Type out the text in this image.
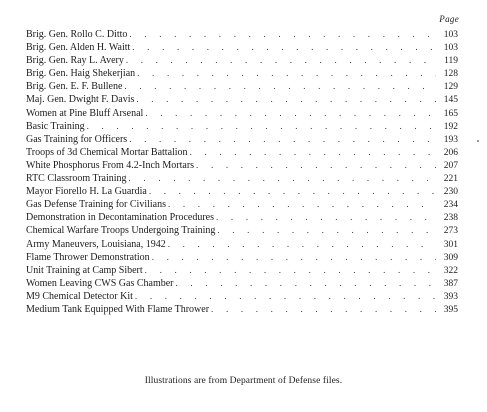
Page
Brig. Gen. Rollo C. Ditto . . .	103
Brig. Gen. Alden H. Waitt . . .	103
Brig. Gen. Ray L. Avery . . .	119
Brig. Gen. Haig Shekerjian . . .	128
Brig. Gen. E. F. Bullene . . .	129
Maj. Gen. Dwight F. Davis . . .	145
Women at Pine Bluff Arsenal . . .	165
Basic Training . . .	192
Gas Training for Officers . . .	193
Troops of 3d Chemical Mortar Battalion . . .	206
White Phosphorus From 4.2-Inch Mortars . . .	207
RTC Classroom Training . . .	221
Mayor Fiorello H. La Guardia . . .	230
Gas Defense Training for Civilians . . .	234
Demonstration in Decontamination Procedures . . .	238
Chemical Warfare Troops Undergoing Training . . .	273
Army Maneuvers, Louisiana, 1942 . . .	301
Flame Thrower Demonstration . . .	309
Unit Training at Camp Sibert . . .	322
Women Leaving CWS Gas Chamber . . .	387
M9 Chemical Detector Kit . . .	393
Medium Tank Equipped With Flame Thrower . . .	395
Illustrations are from Department of Defense files.
